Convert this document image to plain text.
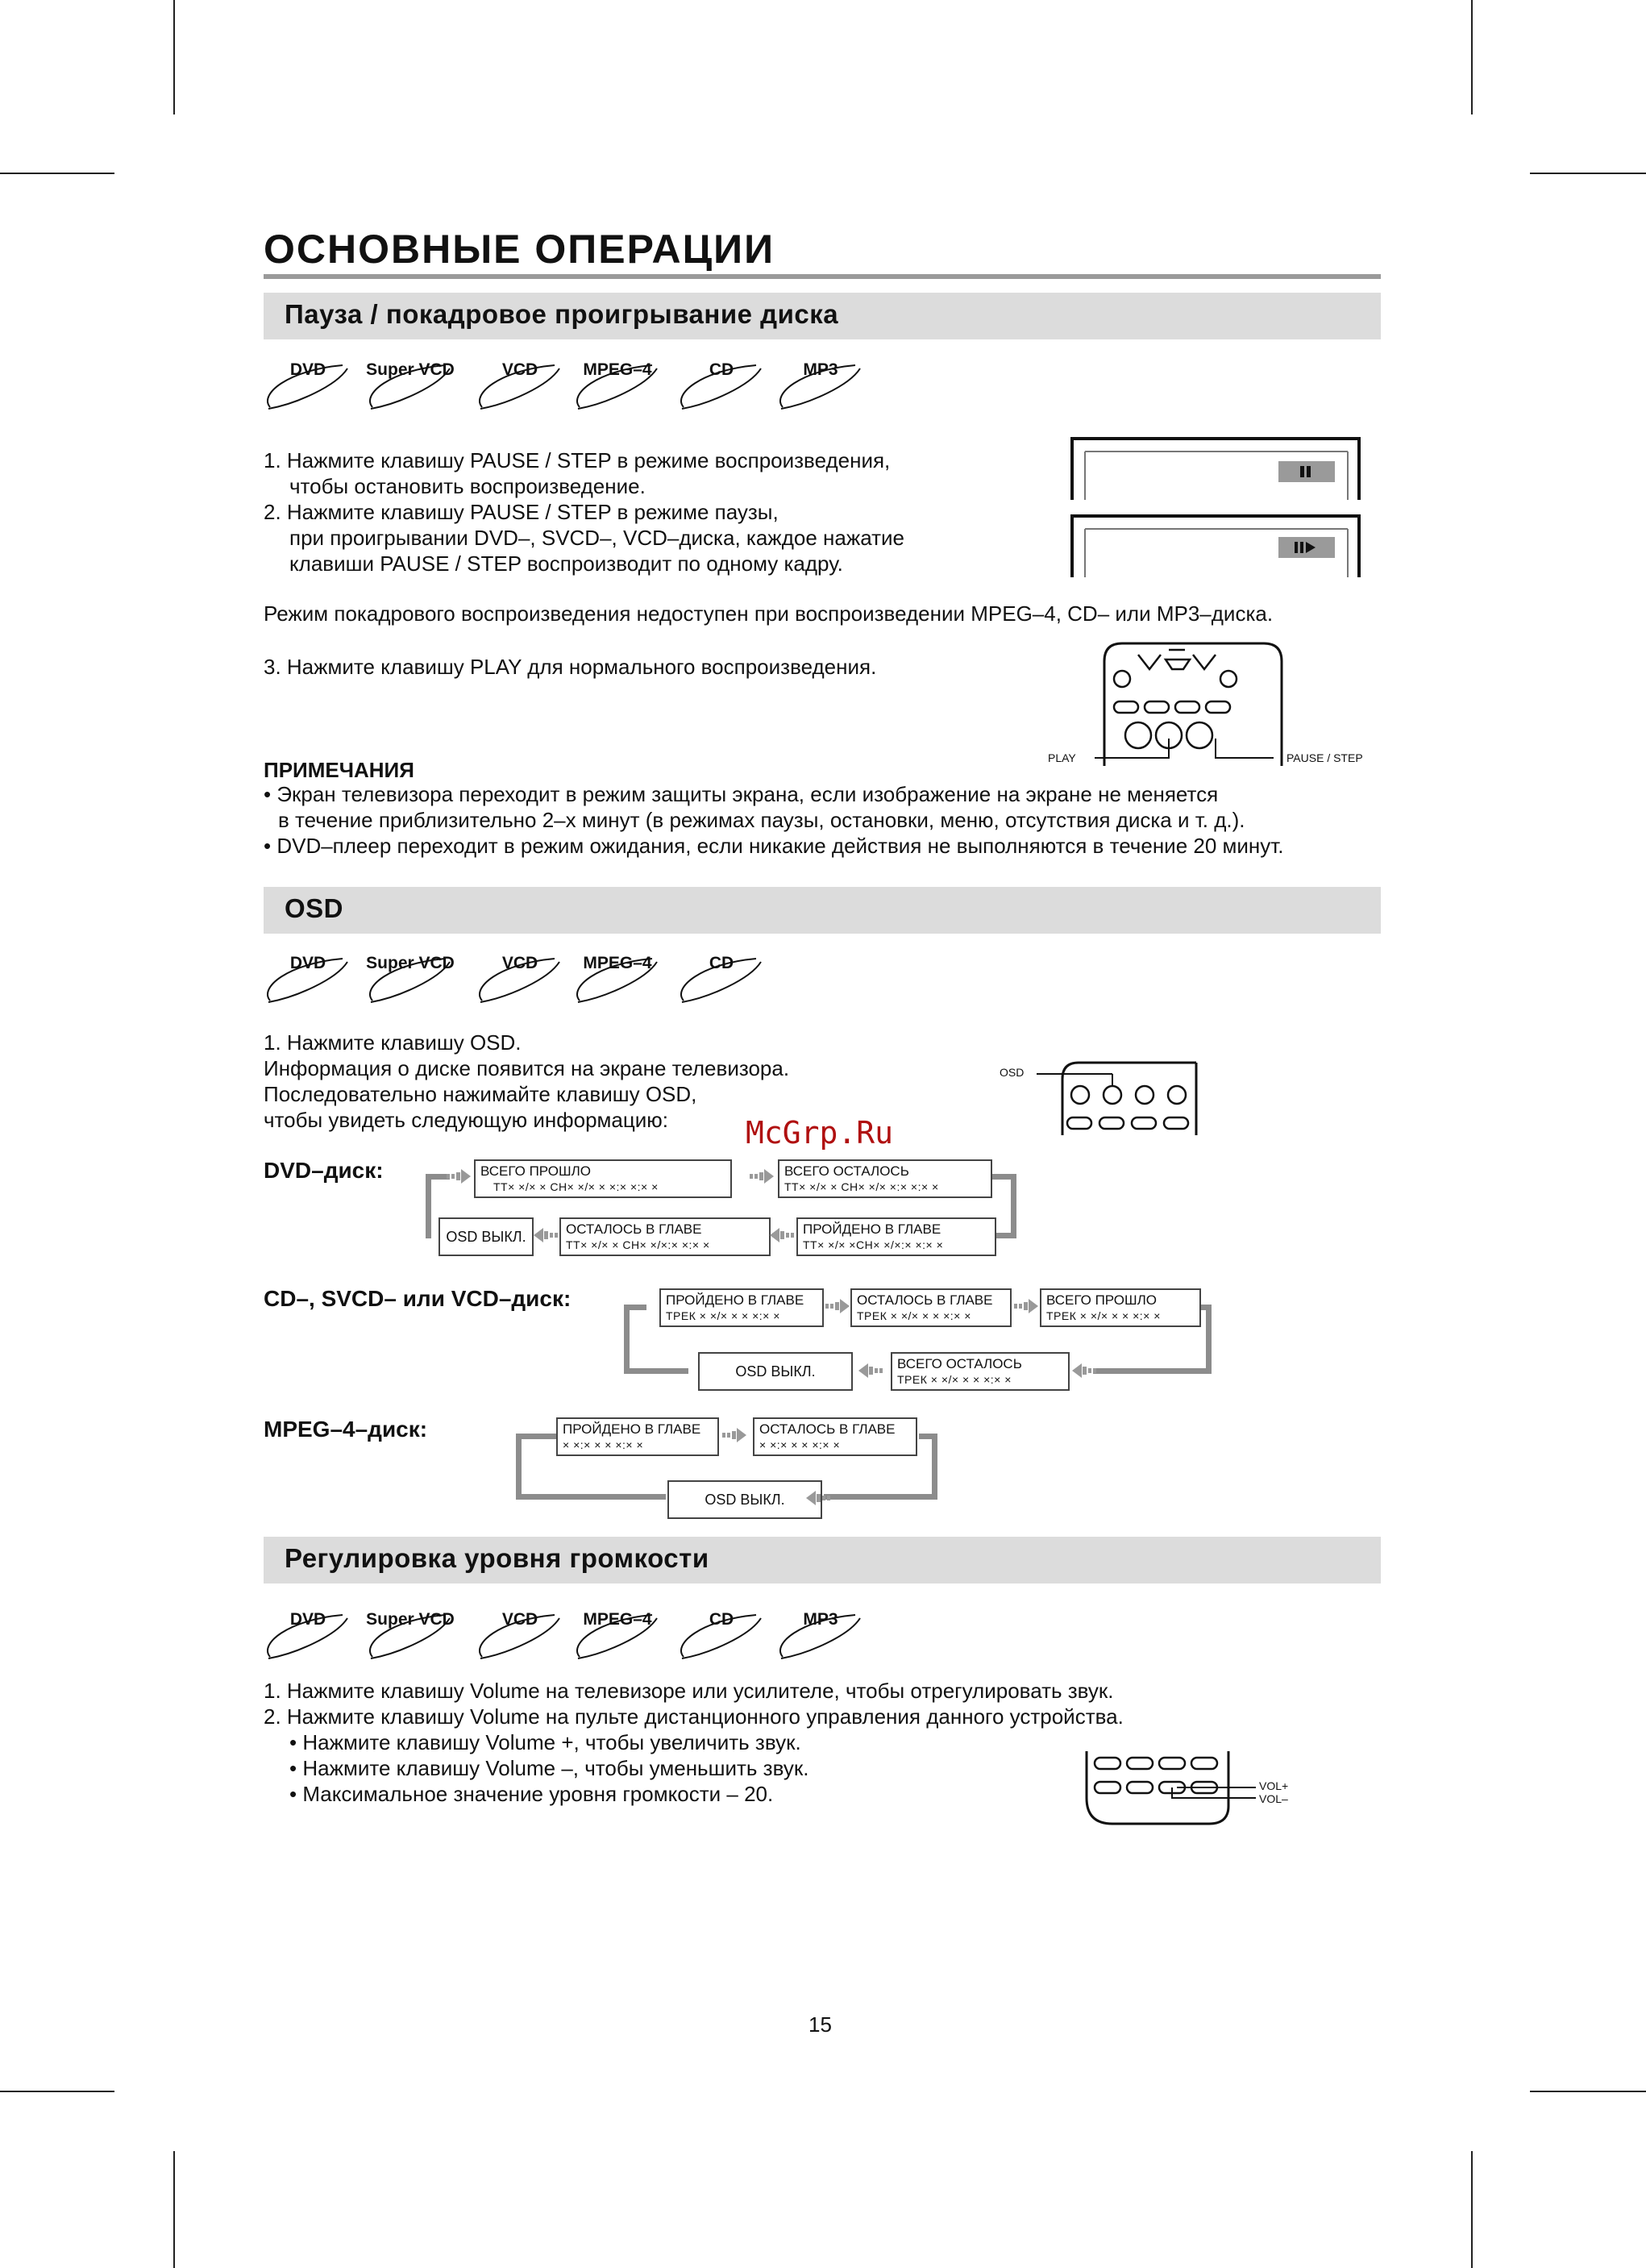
ОСНОВНЫЕ ОПЕРАЦИИ
Пауза / покадровое проигрывание диска
DVD	Super VCD	VCD	MPEG–4	CD	MP3
1. Нажмите клавишу PAUSE / STEP в режиме воспроизведения,
чтобы остановить воспроизведение.
2. Нажмите клавишу PAUSE / STEP в режиме паузы,
при проигрывании DVD–, SVCD–, VCD–диска, каждое нажатие
клавиши PAUSE / STEP воспроизводит по одному кадру.
Режим покадрового воспроизведения недоступен при воспроизведении MPEG–4, CD– или MP3–диска.
3. Нажмите клавишу PLAY для нормального воспроизведения.
PLAY	PAUSE / STEP
ПРИМЕЧАНИЯ
• Экран телевизора переходит в режим защиты экрана, если изображение на экране не меняется
в течение приблизительно 2–х минут (в режимах паузы, остановки, меню, отсутствия диска и т. д.).
• DVD–плеер переходит в режим ожидания, если никакие действия не выполняются в течение 20 минут.
OSD
DVD	Super VCD	VCD	MPEG–4	CD
1. Нажмите клавишу OSD.
Информация о диске появится на экране телевизора.
Последовательно нажимайте клавишу OSD,
чтобы увидеть следующую информацию:
OSD
McGrp.Ru
DVD–диск:	ВСЕГО ПРОШЛО
TT× ×/× × CH× ×/× × ×:× ×:× ×
ВСЕГО ОСТАЛОСЬ
TT× ×/× × CH× ×/× ×:× ×:× ×
ПРОЙДЕНО В ГЛАВЕ
TT× ×/× ×CH× ×/×:× ×:× ×
ОСТАЛОСЬ В ГЛАВЕ
TT× ×/× × CH× ×/×:× ×:× ×
OSD ВЫКЛ.
CD–, SVCD– или VCD–диск:	ПРОЙДЕНО В ГЛАВЕ
ТРЕК × ×/× × × ×:× ×
ОСТАЛОСЬ В ГЛАВЕ
ТРЕК × ×/× × × ×:× ×
ВСЕГО ПРОШЛО
ТРЕК × ×/× × × ×:× ×
ВСЕГО ОСТАЛОСЬ
ТРЕК × ×/× × × ×:× ×
OSD ВЫКЛ.
MPEG–4–диск:	ПРОЙДЕНО В ГЛАВЕ
× ×:× × × ×:× ×
ОСТАЛОСЬ В ГЛАВЕ
× ×:× × × ×:× ×
OSD ВЫКЛ.
Регулировка уровня громкости
DVD	Super VCD	VCD	MPEG–4	CD	MP3
1. Нажмите клавишу Volume на телевизоре или усилителе, чтобы отрегулировать звук.
2. Нажмите клавишу Volume на пульте дистанционного управления данного устройства.
• Нажмите клавишу Volume +, чтобы увеличить звук.
• Нажмите клавишу Volume –, чтобы уменьшить звук.
• Максимальное значение уровня громкости – 20.	VOL+
VOL–
15
